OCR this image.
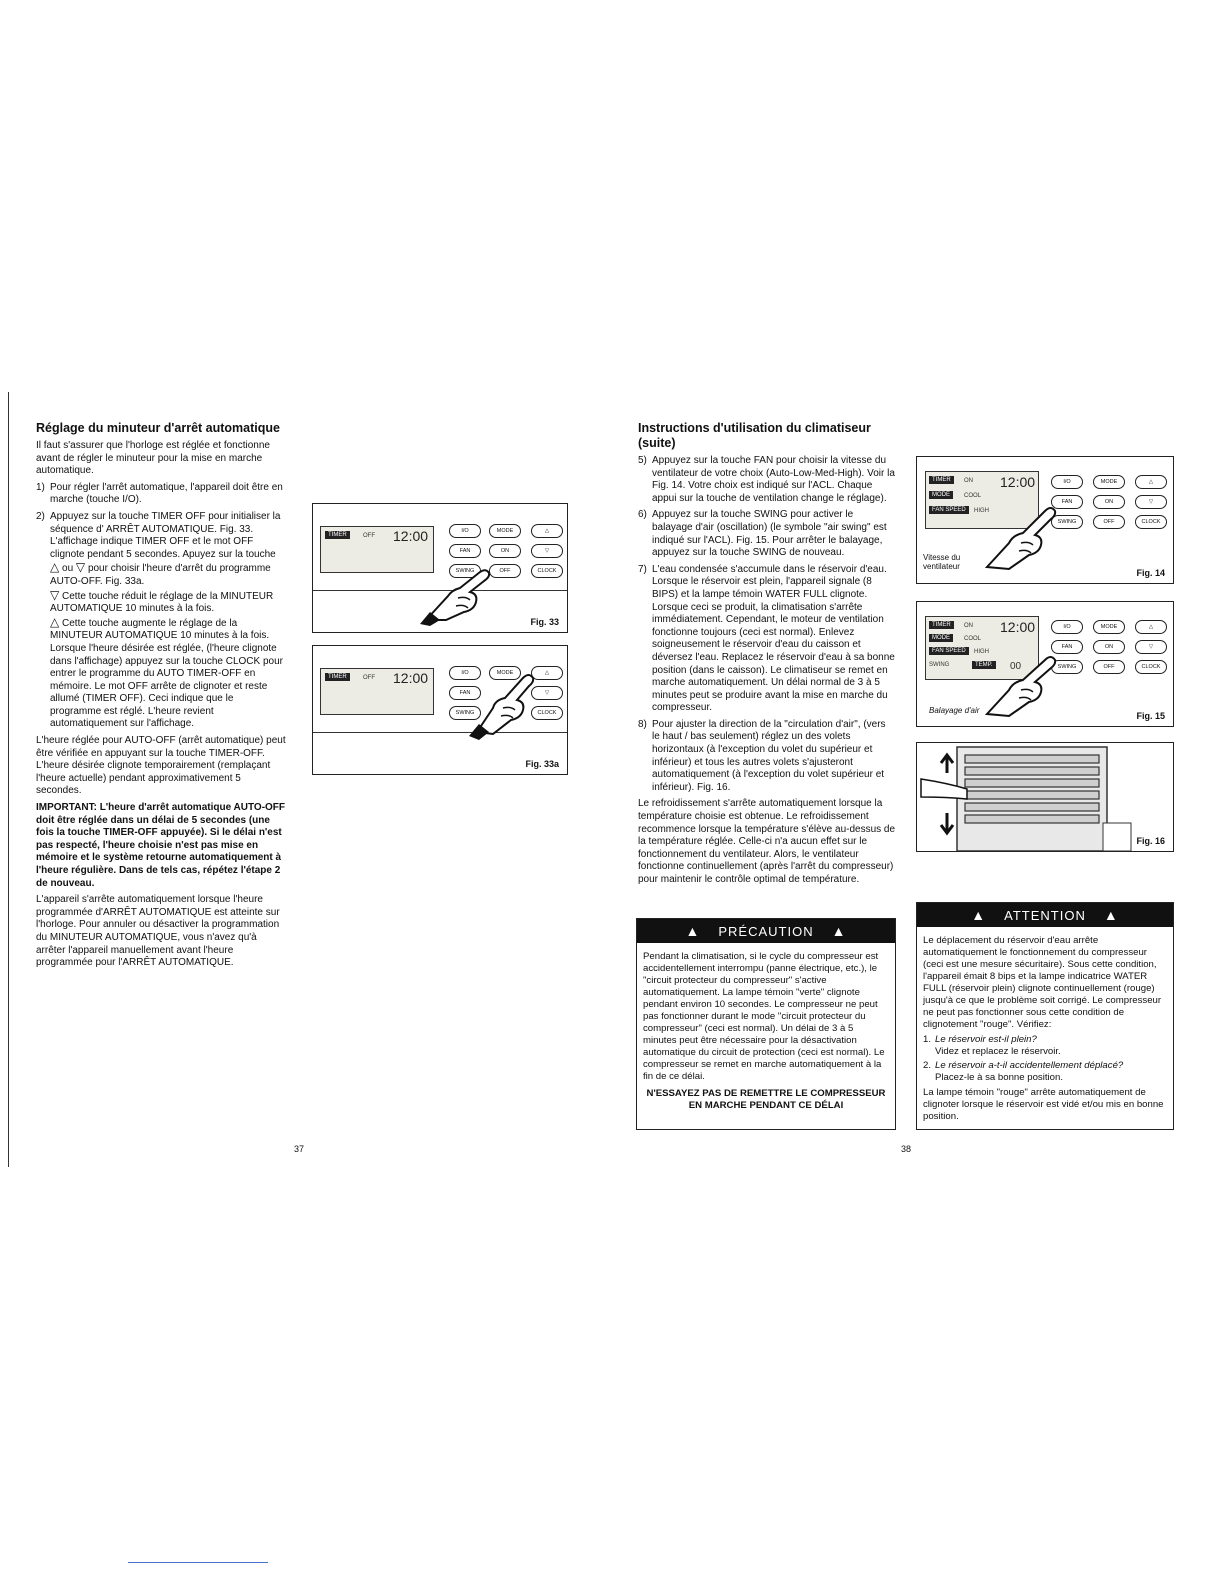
Réglage du minuteur d'arrêt automatique

Il faut s'assurer que l'horloge est réglée et fonctionne avant de régler le minuteur pour la mise en marche automatique.

1) Pour régler l'arrêt automatique, l'appareil doit être en marche (touche I/O).
2) Appuyez sur la touche TIMER OFF pour initialiser la séquence d' ARRÊT AUTOMATIQUE. Fig. 33. L'affichage indique TIMER OFF et le mot OFF clignote pendant 5 secondes. Apuyez sur la touche
△ ou ▽ pour choisir l'heure d'arrêt du programme AUTO-OFF. Fig. 33a.
▽ Cette touche réduit le réglage de la MINUTEUR AUTOMATIQUE 10 minutes à la fois.
△ Cette touche augmente le réglage de la MINUTEUR AUTOMATIQUE 10 minutes à la fois. Lorsque l'heure désirée est réglée, (l'heure clignote dans l'affichage) appuyez sur la touche CLOCK pour entrer le programme du AUTO TIMER-OFF en mémoire. Le mot OFF arrête de clignoter et reste allumé (TIMER OFF). Ceci indique que le programme est réglé. L'heure revient automatiquement sur l'affichage.

L'heure réglée pour AUTO-OFF (arrêt automatique) peut être vérifiée en appuyant sur la touche TIMER-OFF. L'heure désirée clignote temporairement (remplaçant l'heure actuelle) pendant approximativement 5 secondes.

IMPORTANT: L'heure d'arrêt automatique AUTO-OFF doit être réglée dans un délai de 5 secondes (une fois la touche TIMER-OFF appuyée). Si le délai n'est pas respecté, l'heure choisie n'est pas mise en mémoire et le système retourne automatiquement à l'heure régulière. Dans de tels cas, répétez l'étape 2 de nouveau.

L'appareil s'arrête automatiquement lorsque l'heure programmée d'ARRÊT AUTOMATIQUE est atteinte sur l'horloge. Pour annuler ou désactiver la programmation du MINUTEUR AUTOMATIQUE, vous n'avez qu'à arrêter l'appareil manuellement avant l'heure programmée pour l'ARRÊT AUTOMATIQUE.

TIMER	OFF 12:00	I/O	MODE	△
FAN	ON	▽
SWING	OFF	CLOCK
Fig. 33
TIMER	OFF 12:00	I/O	MODE	△
FAN	▽
SWING	CLOCK
Fig. 33a
37
Instructions d'utilisation du climatiseur (suite)
5) Appuyez sur la touche FAN pour choisir la vitesse du ventilateur de votre choix (Auto-Low-Med-High). Voir la Fig. 14. Votre choix est indiqué sur l'ACL. Chaque appui sur la touche de ventilation change le réglage).
6) Appuyez sur la touche SWING pour activer le balayage d'air (oscillation) (le symbole "air swing" est indiqué sur l'ACL). Fig. 15. Pour arrêter le balayage, appuyez sur la touche SWING de nouveau.
7) L'eau condensée s'accumule dans le réservoir d'eau. Lorsque le réservoir est plein, l'appareil signale (8 BIPS) et la lampe témoin WATER FULL clignote. Lorsque ceci se produit, la climatisation s'arrête immédiatement. Cependant, le moteur de ventilation fonctionne toujours (ceci est normal). Enlevez soigneusement le réservoir d'eau du caisson et déversez l'eau. Replacez le réservoir d'eau à sa bonne position (dans le caisson). Le climatiseur se remet en marche automatiquement. Un délai normal de 3 à 5 minutes peut se produire avant la mise en marche du compresseur.
8) Pour ajuster la direction de la "circulation d'air", (vers le haut / bas seulement) réglez un des volets horizontaux (à l'exception du volet du supérieur et inférieur) et tous les autres volets s'ajusteront automatiquement (à l'exception du volet supérieur et inférieur). Fig. 16.

Le refroidissement s'arrête automatiquement lorsque la température choisie est obtenue. Le refroidissement recommence lorsque la température s'élève au-dessus de la température réglée. Celle-ci n'a aucun effet sur le fonctionnement du ventilateur. Alors, le ventilateur fonctionne continuellement (après l'arrêt du compresseur) pour maintenir le contrôle optimal de température.

▲ PRÉCAUTION ▲

Pendant la climatisation, si le cycle du compresseur est accidentellement interrompu (panne électrique, etc.), le "circuit protecteur du compresseur" s'active automatiquement. La lampe témoin "verte" clignote pendant environ 10 secondes. Le compresseur ne peut pas fonctionner durant le mode "circuit protecteur du compresseur" (ceci est normal). Un délai de 3 à 5 minutes peut être nécessaire pour la désactivation automatique du circuit de protection (ceci est normal). Le compresseur se remet en marche automatiquement à la fin de ce délai.

N'ESSAYEZ PAS DE REMETTRE LE COMPRESSEUR EN MARCHE PENDANT CE DÉLAI

38
TIMER	ON
MODE	COOL
FAN SPEED	HIGH
12:00	I/O	MODE	△
FAN	ON	▽
SWING	OFF	CLOCK
Vitesse du ventilateur
Fig. 14
TIMER	ON
MODE	COOL
FAN SPEED	HIGH
SWING	TEMP.	00
12:00	I/O	MODE	△
FAN	ON	▽
SWING	OFF	CLOCK
Balayage d'air
Fig. 15
Fig. 16
▲ ATTENTION ▲

Le déplacement du réservoir d'eau arrête automatiquement le fonctionnement du compresseur (ceci est une mesure sécuritaire). Sous cette condition, l'appareil émait 8 bips et la lampe indicatrice WATER FULL (réservoir plein) clignote continuellement (rouge) jusqu'à ce que le problème soit corrigé. Le compresseur ne peut pas fonctionner sous cette condition de clignotement "rouge". Vérifiez:

1. Le réservoir est-il plein?
Videz et replacez le réservoir.
2. Le réservoir a-t-il accidentellement déplacé?
Placez-le à sa bonne position.

La lampe témoin "rouge" arrête automatiquement de clignoter lorsque le réservoir est vidé et/ou mis en bonne position.
